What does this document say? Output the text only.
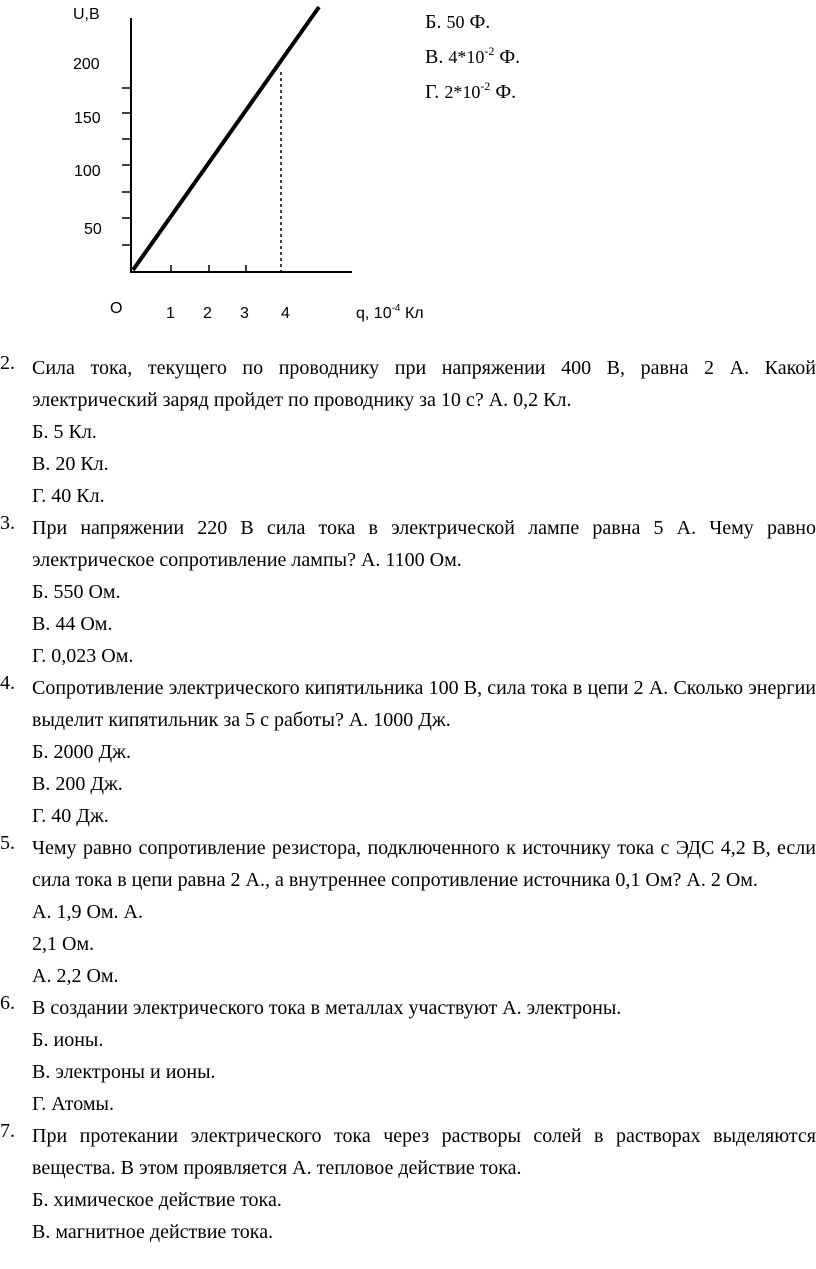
U,В
200
150
100
50
О	1 2 3 4	q, $10^{-4}$ Кл
Б. 50 Ф.
В. $4*10^{-2}$ Ф.
Г. $2*10^{-2}$ Ф.
2. Сила тока, текущего по проводнику при напряжении 400 В, равна 2 А. Какой электрический заряд пройдет по проводнику за 10 с? А. 0,2 Кл.
Б. 5 Кл.
В. 20 Кл.
Г. 40 Кл.
3. При напряжении 220 В сила тока в электрической лампе равна 5 А. Чему равно электрическое сопротивление лампы? А. 1100 Ом.
Б. 550 Ом.
В. 44 Ом.
Г. 0,023 Ом.
4. Сопротивление электрического кипятильника 100 В, сила тока в цепи 2 А. Сколько энергии выделит кипятильник за 5 с работы? А. 1000 Дж.
Б. 2000 Дж.
В. 200 Дж.
Г. 40 Дж.
5. Чему равно сопротивление резистора, подключенного к источнику тока с ЭДС 4,2 В, если сила тока в цепи равна 2 А., а внутреннее сопротивление источника 0,1 Ом? А. 2 Ом.
А. 1,9 Ом. А.
2,1 Ом.
А. 2,2 Ом.
6. В создании электрического тока в металлах участвуют А. электроны.
Б. ионы.
В. электроны и ионы.
Г. Атомы.
7. При протекании электрического тока через растворы солей в растворах выделяются вещества. В этом проявляется А. тепловое действие тока.
Б. химическое действие тока.
В. магнитное действие тока.
